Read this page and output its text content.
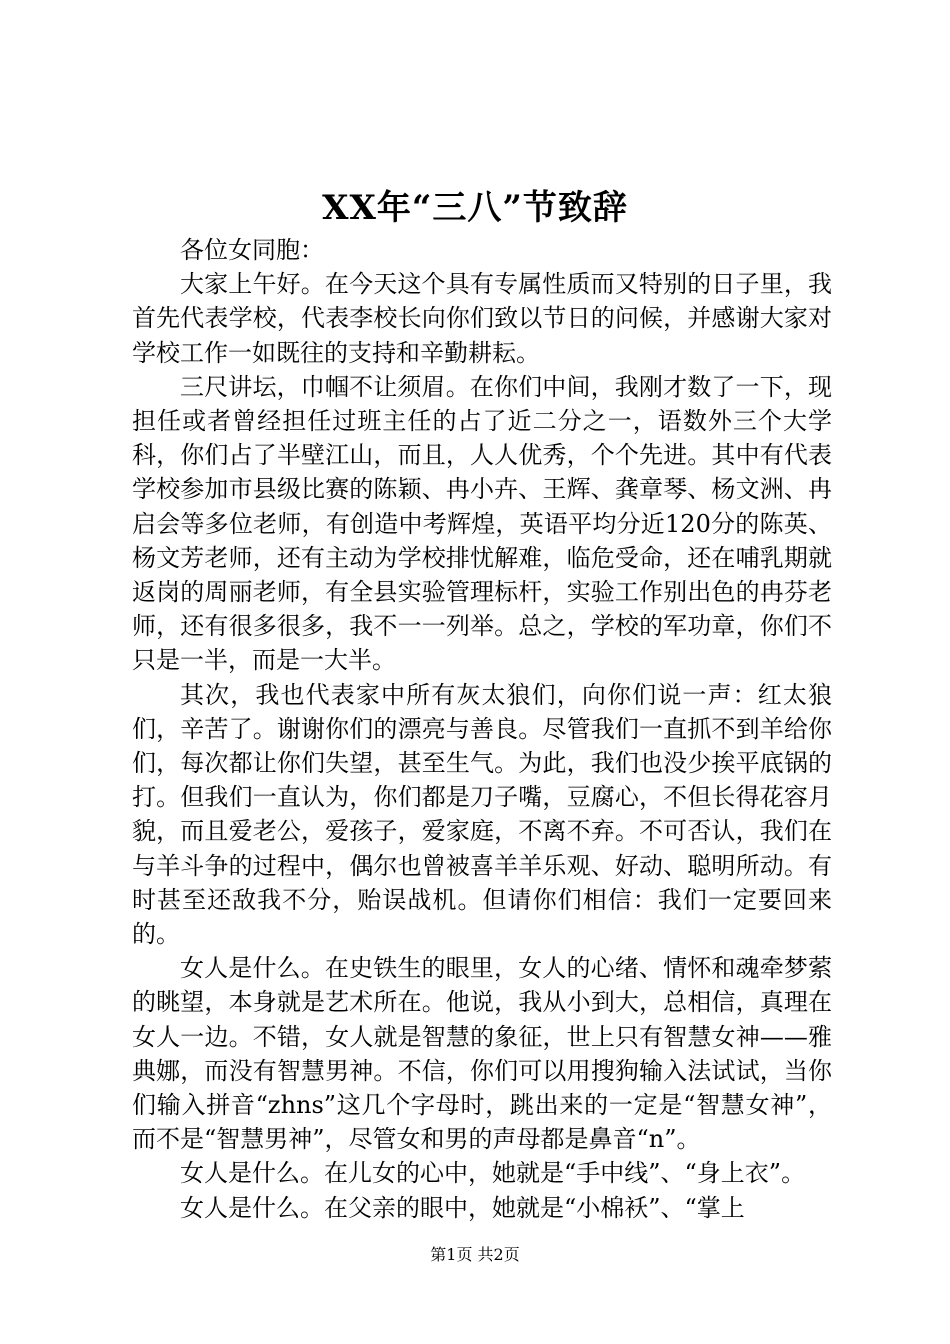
XX年“三八”节致辞

各位女同胞：

大家上午好。在今天这个具有专属性质而又特别的日子里，我首先代表学校，代表李校长向你们致以节日的问候，并感谢大家对学校工作一如既往的支持和辛勤耕耘。

三尺讲坛，巾帼不让须眉。在你们中间，我刚才数了一下，现担任或者曾经担任过班主任的占了近二分之一，语数外三个大学科，你们占了半壁江山，而且，人人优秀，个个先进。其中有代表学校参加市县级比赛的陈颖、冉小卉、王辉、龚章琴、杨文洲、冉启会等多位老师，有创造中考辉煌，英语平均分近120分的陈英、杨文芳老师，还有主动为学校排忧解难，临危受命，还在哺乳期就返岗的周丽老师，有全县实验管理标杆，实验工作别出色的冉芬老师，还有很多很多，我不一一列举。总之，学校的军功章，你们不只是一半，而是一大半。

其次，我也代表家中所有灰太狼们，向你们说一声：红太狼们，辛苦了。谢谢你们的漂亮与善良。尽管我们一直抓不到羊给你们，每次都让你们失望，甚至生气。为此，我们也没少挨平底锅的打。但我们一直认为，你们都是刀子嘴，豆腐心，不但长得花容月貌，而且爱老公，爱孩子，爱家庭，不离不弃。不可否认，我们在与羊斗争的过程中，偶尔也曾被喜羊羊乐观、好动、聪明所动。有时甚至还敌我不分，贻误战机。但请你们相信：我们一定要回来的。

女人是什么。在史铁生的眼里，女人的心绪、情怀和魂牵梦萦的眺望，本身就是艺术所在。他说，我从小到大，总相信，真理在女人一边。不错，女人就是智慧的象征，世上只有智慧女神——雅典娜，而没有智慧男神。不信，你们可以用搜狗输入法试试，当你们输入拼音“zhns”这几个字母时，跳出来的一定是“智慧女神”，而不是“智慧男神”，尽管女和男的声母都是鼻音“n”。

女人是什么。在儿女的心中，她就是“手中线”、“身上衣”。

女人是什么。在父亲的眼中，她就是“小棉袄”、“掌上

第1页 共2页
